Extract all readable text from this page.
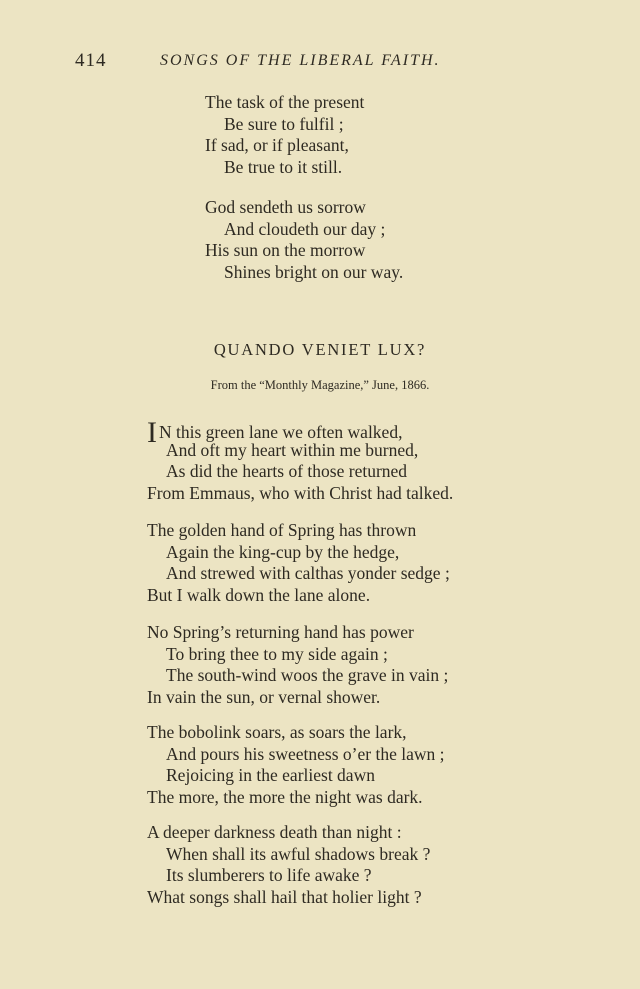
414	SONGS OF THE LIBERAL FAITH.
The task of the present
Be sure to fulfil ;
If sad, or if pleasant,
Be true to it still.
God sendeth us sorrow
And cloudeth our day ;
His sun on the morrow
Shines bright on our way.
QUANDO VENIET LUX?
From the “Monthly Magazine,” June, 1866.
I N this green lane we often walked,
And oft my heart within me burned,
As did the hearts of those returned
From Emmaus, who with Christ had talked.
The golden hand of Spring has thrown
Again the king-cup by the hedge,
And strewed with calthas yonder sedge ;
But I walk down the lane alone.
No Spring’s returning hand has power
To bring thee to my side again ;
The south-wind woos the grave in vain ;
In vain the sun, or vernal shower.
The bobolink soars, as soars the lark,
And pours his sweetness o’er the lawn ;
Rejoicing in the earliest dawn
The more, the more the night was dark.
A deeper darkness death than night :
When shall its awful shadows break ?
Its slumberers to life awake ?
What songs shall hail that holier light ?
